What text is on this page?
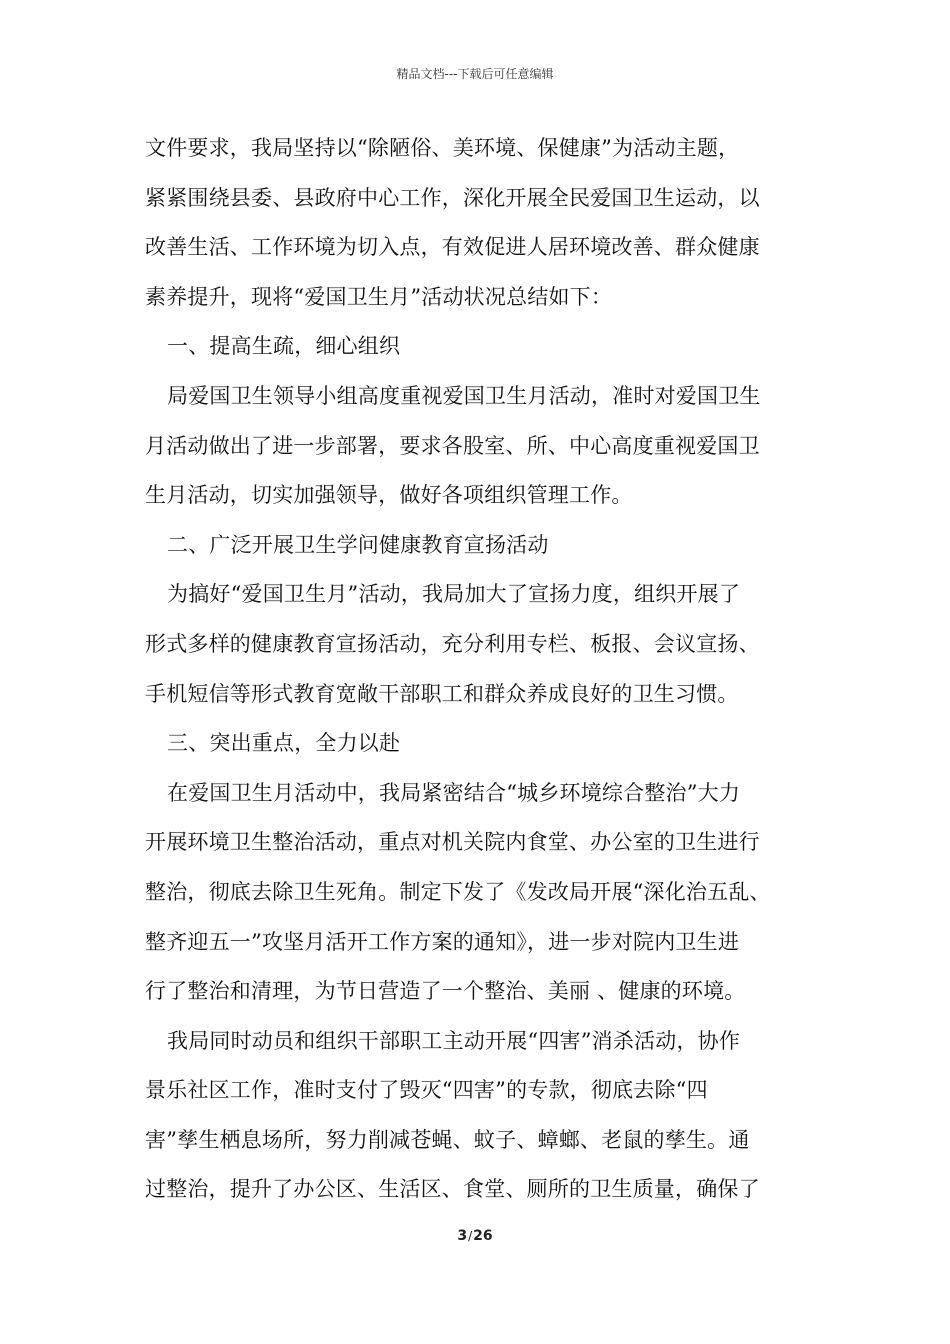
精品文档---下载后可任意编辑
文件要求，我局坚持以“除陋俗、美环境、保健康”为活动主题，
紧紧围绕县委、县政府中心工作，深化开展全民爱国卫生运动，以
改善生活、工作环境为切入点，有效促进人居环境改善、群众健康
素养提升，现将“爱国卫生月”活动状况总结如下：
一、提高生疏，细心组织
局爱国卫生领导小组高度重视爱国卫生月活动，准时对爱国卫生
月活动做出了进一步部署，要求各股室、所、中心高度重视爱国卫
生月活动，切实加强领导，做好各项组织管理工作。
二、广泛开展卫生学问健康教育宣扬活动
为搞好“爱国卫生月”活动，我局加大了宣扬力度，组织开展了
形式多样的健康教育宣扬活动，充分利用专栏、板报、会议宣扬、
手机短信等形式教育宽敞干部职工和群众养成良好的卫生习惯。
三、突出重点，全力以赴
在爱国卫生月活动中，我局紧密结合“城乡环境综合整治”大力
开展环境卫生整治活动，重点对机关院内食堂、办公室的卫生进行
整治，彻底去除卫生死角。制定下发了《发改局开展“深化治五乱、
整齐迎五一”攻坚月活开工作方案的通知》，进一步对院内卫生进
行了整治和清理，为节日营造了一个整治、美丽 、健康的环境。
我局同时动员和组织干部职工主动开展“四害”消杀活动，协作
景乐社区工作，准时支付了毁灭“四害”的专款，彻底去除“四
害”孳生栖息场所，努力削减苍蝇、蚊子、蟑螂、老鼠的孳生。通
过整治，提升了办公区、生活区、食堂、厕所的卫生质量，确保了
3/26
